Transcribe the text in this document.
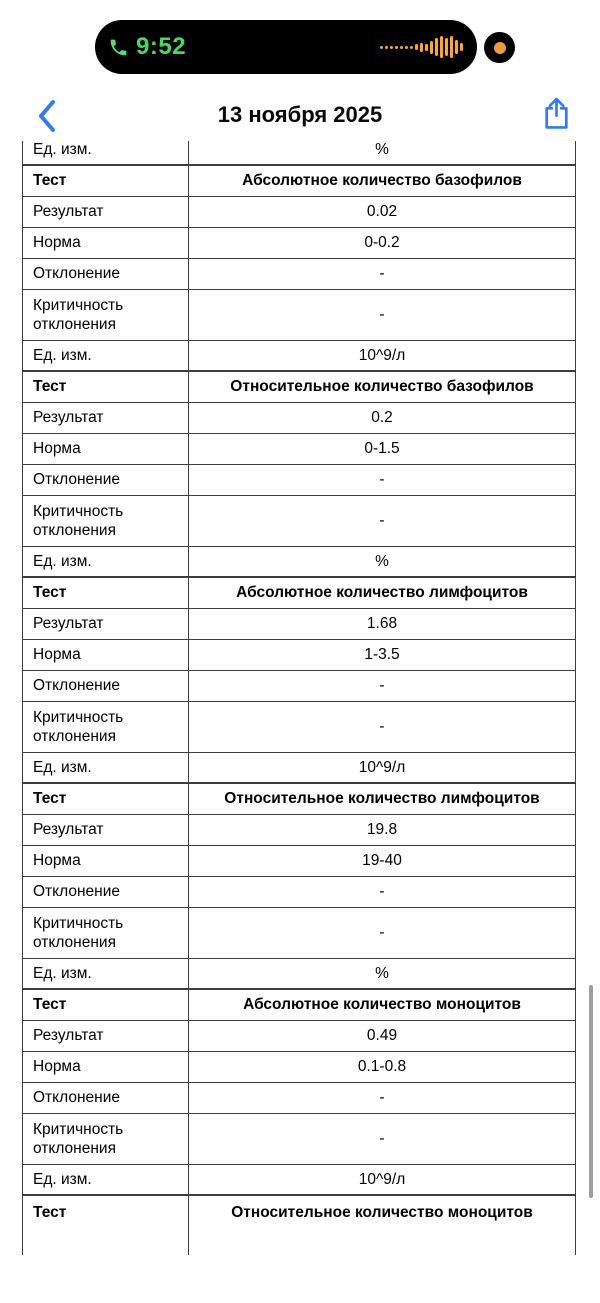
9:52
13 ноября 2025
Ед. изм.	%
Тест	Абсолютное количество базофилов
Результат	0.02
Норма	0-0.2
Отклонение	-
Критичность отклонения	-
Ед. изм.	10^9/л
Тест	Относительное количество базофилов
Результат	0.2
Норма	0-1.5
Отклонение	-
Критичность отклонения	-
Ед. изм.	%
Тест	Абсолютное количество лимфоцитов
Результат	1.68
Норма	1-3.5
Отклонение	-
Критичность отклонения	-
Ед. изм.	10^9/л
Тест	Относительное количество лимфоцитов
Результат	19.8
Норма	19-40
Отклонение	-
Критичность отклонения	-
Ед. изм.	%
Тест	Абсолютное количество моноцитов
Результат	0.49
Норма	0.1-0.8
Отклонение	-
Критичность отклонения	-
Ед. изм.	10^9/л
Тест	Относительное количество моноцитов
